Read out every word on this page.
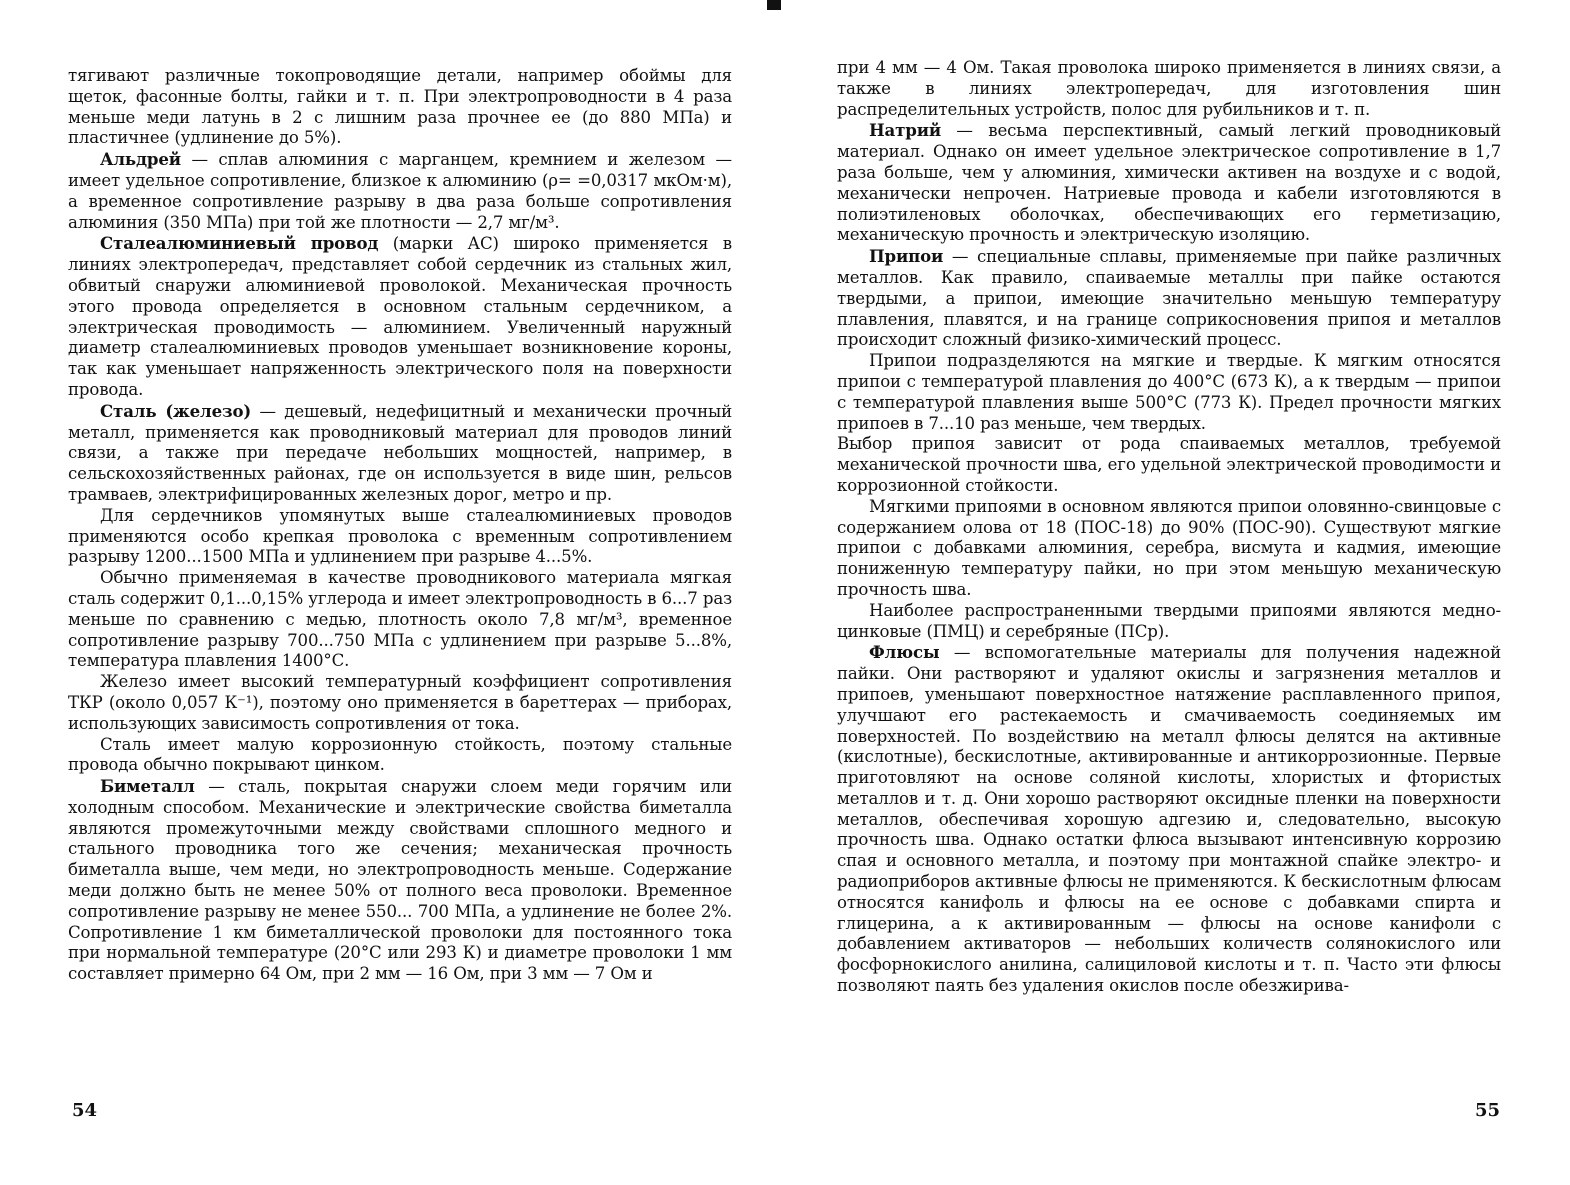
тягивают различные токопроводящие детали, например обоймы для щеток, фасонные болты, гайки и т. п. При электропроводности в 4 раза меньше меди латунь в 2 с лишним раза прочнее ее (до 880 МПа) и пластичнее (удлинение до 5%).

Альдрей — сплав алюминия с марганцем, кремнием и железом — имеет удельное сопротивление, близкое к алюминию (ρ= =0,0317 мкОм·м), а временное сопротивление разрыву в два раза больше сопротивления алюминия (350 МПа) при той же плотности — 2,7 мг/м³.

Сталеалюминиевый провод (марки АС) широко применяется в линиях электропередач, представляет собой сердечник из стальных жил, обвитый снаружи алюминиевой проволокой. Механическая прочность этого провода определяется в основном стальным сердечником, а электрическая проводимость — алюминием. Увеличенный наружный диаметр сталеалюминиевых проводов уменьшает возникновение короны, так как уменьшает напряженность электрического поля на поверхности провода.

Сталь (железо) — дешевый, недефицитный и механически прочный металл, применяется как проводниковый материал для проводов линий связи, а также при передаче небольших мощностей, например, в сельскохозяйственных районах, где он используется в виде шин, рельсов трамваев, электрифицированных железных дорог, метро и пр.

Для сердечников упомянутых выше сталеалюминиевых проводов применяются особо крепкая проволока с временным сопротивлением разрыву 1200...1500 МПа и удлинением при разрыве 4...5%.

Обычно применяемая в качестве проводникового материала мягкая сталь содержит 0,1...0,15% углерода и имеет электропроводность в 6...7 раз меньше по сравнению с медью, плотность около 7,8 мг/м³, временное сопротивление разрыву 700...750 МПа с удлинением при разрыве 5...8%, температура плавления 1400°С.

Железо имеет высокий температурный коэффициент сопротивления ТКР (около 0,057 К⁻¹), поэтому оно применяется в бареттерах — приборах, использующих зависимость сопротивления от тока.

Сталь имеет малую коррозионную стойкость, поэтому стальные провода обычно покрывают цинком.

Биметалл — сталь, покрытая снаружи слоем меди горячим или холодным способом. Механические и электрические свойства биметалла являются промежуточными между свойствами сплошного медного и стального проводника того же сечения; механическая прочность биметалла выше, чем меди, но электропроводность меньше. Содержание меди должно быть не менее 50% от полного веса проволоки. Временное сопротивление разрыву не менее 550... 700 МПа, а удлинение не более 2%. Сопротивление 1 км биметаллической проволоки для постоянного тока при нормальной температуре (20°С или 293 К) и диаметре проволоки 1 мм составляет примерно 64 Ом, при 2 мм — 16 Ом, при 3 мм — 7 Ом и

54

при 4 мм — 4 Ом. Такая проволока широко применяется в линиях связи, а также в линиях электропередач, для изготовления шин распределительных устройств, полос для рубильников и т. п.

Натрий — весьма перспективный, самый легкий проводниковый материал. Однако он имеет удельное электрическое сопротивление в 1,7 раза больше, чем у алюминия, химически активен на воздухе и с водой, механически непрочен. Натриевые провода и кабели изготовляются в полиэтиленовых оболочках, обеспечивающих его герметизацию, механическую прочность и электрическую изоляцию.

Припои — специальные сплавы, применяемые при пайке различных металлов. Как правило, спаиваемые металлы при пайке остаются твердыми, а припои, имеющие значительно меньшую температуру плавления, плавятся, и на границе соприкосновения припоя и металлов происходит сложный физико-химический процесс.

Припои подразделяются на мягкие и твердые. К мягким относятся припои с температурой плавления до 400°С (673 К), а к твердым — припои с температурой плавления выше 500°С (773 К). Предел прочности мягких припоев в 7...10 раз меньше, чем твердых.

Выбор припоя зависит от рода спаиваемых металлов, требуемой механической прочности шва, его удельной электрической проводимости и коррозионной стойкости.

Мягкими припоями в основном являются припои оловянно-свинцовые с содержанием олова от 18 (ПОС-18) до 90% (ПОС-90). Существуют мягкие припои с добавками алюминия, серебра, висмута и кадмия, имеющие пониженную температуру пайки, но при этом меньшую механическую прочность шва.

Наиболее распространенными твердыми припоями являются медно-цинковые (ПМЦ) и серебряные (ПСр).

Флюсы — вспомогательные материалы для получения надежной пайки. Они растворяют и удаляют окислы и загрязнения металлов и припоев, уменьшают поверхностное натяжение расплавленного припоя, улучшают его растекаемость и смачиваемость соединяемых им поверхностей. По воздействию на металл флюсы делятся на активные (кислотные), бескислотные, активированные и антикоррозионные. Первые приготовляют на основе соляной кислоты, хлористых и фтористых металлов и т. д. Они хорошо растворяют оксидные пленки на поверхности металлов, обеспечивая хорошую адгезию и, следовательно, высокую прочность шва. Однако остатки флюса вызывают интенсивную коррозию спая и основного металла, и поэтому при монтажной спайке электро- и радиоприборов активные флюсы не применяются. К бескислотным флюсам относятся канифоль и флюсы на ее основе с добавками спирта и глицерина, а к активированным — флюсы на основе канифоли с добавлением активаторов — небольших количеств солянокислого или фосфорнокислого анилина, салициловой кислоты и т. п. Часто эти флюсы позволяют паять без удаления окислов после обезжирива-

55
